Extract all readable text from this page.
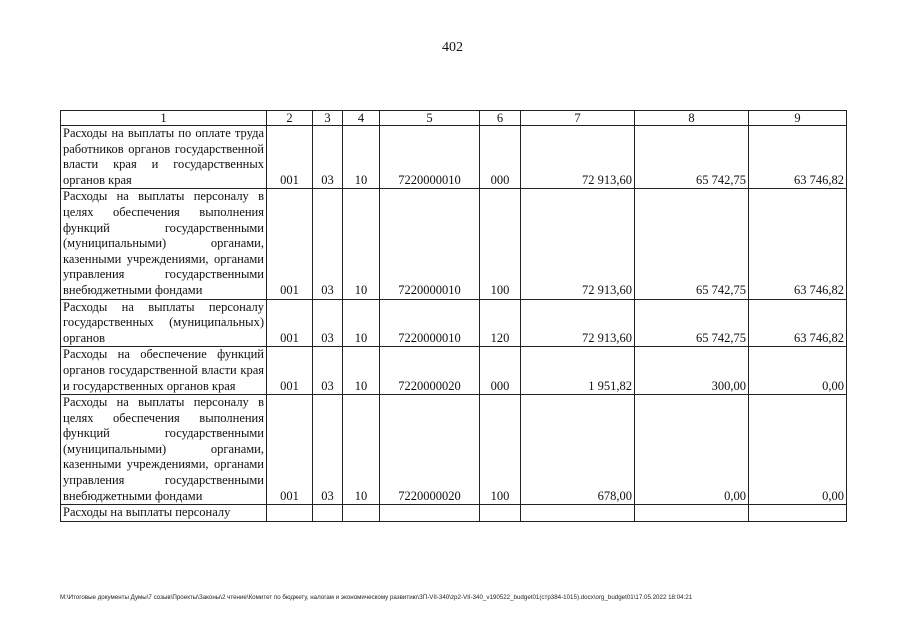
402
1	2	3	4	5	6	7	8	9
Расходы на выплаты по оплате труда работников органов государственной власти края и государственных органов края	001	03	10	7220000010	000	72 913,60	65 742,75	63 746,82
Расходы на выплаты персоналу в целях обеспечения выполнения функций государственными (муниципальными) органами, казенными учреждениями, органами управления государственными внебюджетными фондами	001	03	10	7220000010	100	72 913,60	65 742,75	63 746,82
Расходы на выплаты персоналу государственных (муниципальных) органов	001	03	10	7220000010	120	72 913,60	65 742,75	63 746,82
Расходы на обеспечение функций органов государственной власти края и государственных органов края	001	03	10	7220000020	000	1 951,82	300,00	0,00
Расходы на выплаты персоналу в целях обеспечения выполнения функций государственными (муниципальными) органами, казенными учреждениями, органами управления государственными внебюджетными фондами	001	03	10	7220000020	100	678,00	0,00	0,00
Расходы на выплаты персоналу								
М:\Итоговые документы Думы\7 созыв\Проекты\Законы\2 чтение\Комитет по бюджету, налогам и экономическому развитию\ЗП-VII-340\zp2-VII-340_v190522_budget01(стр384-1015).docx\org_budget01\17.05.2022 18:04:21
